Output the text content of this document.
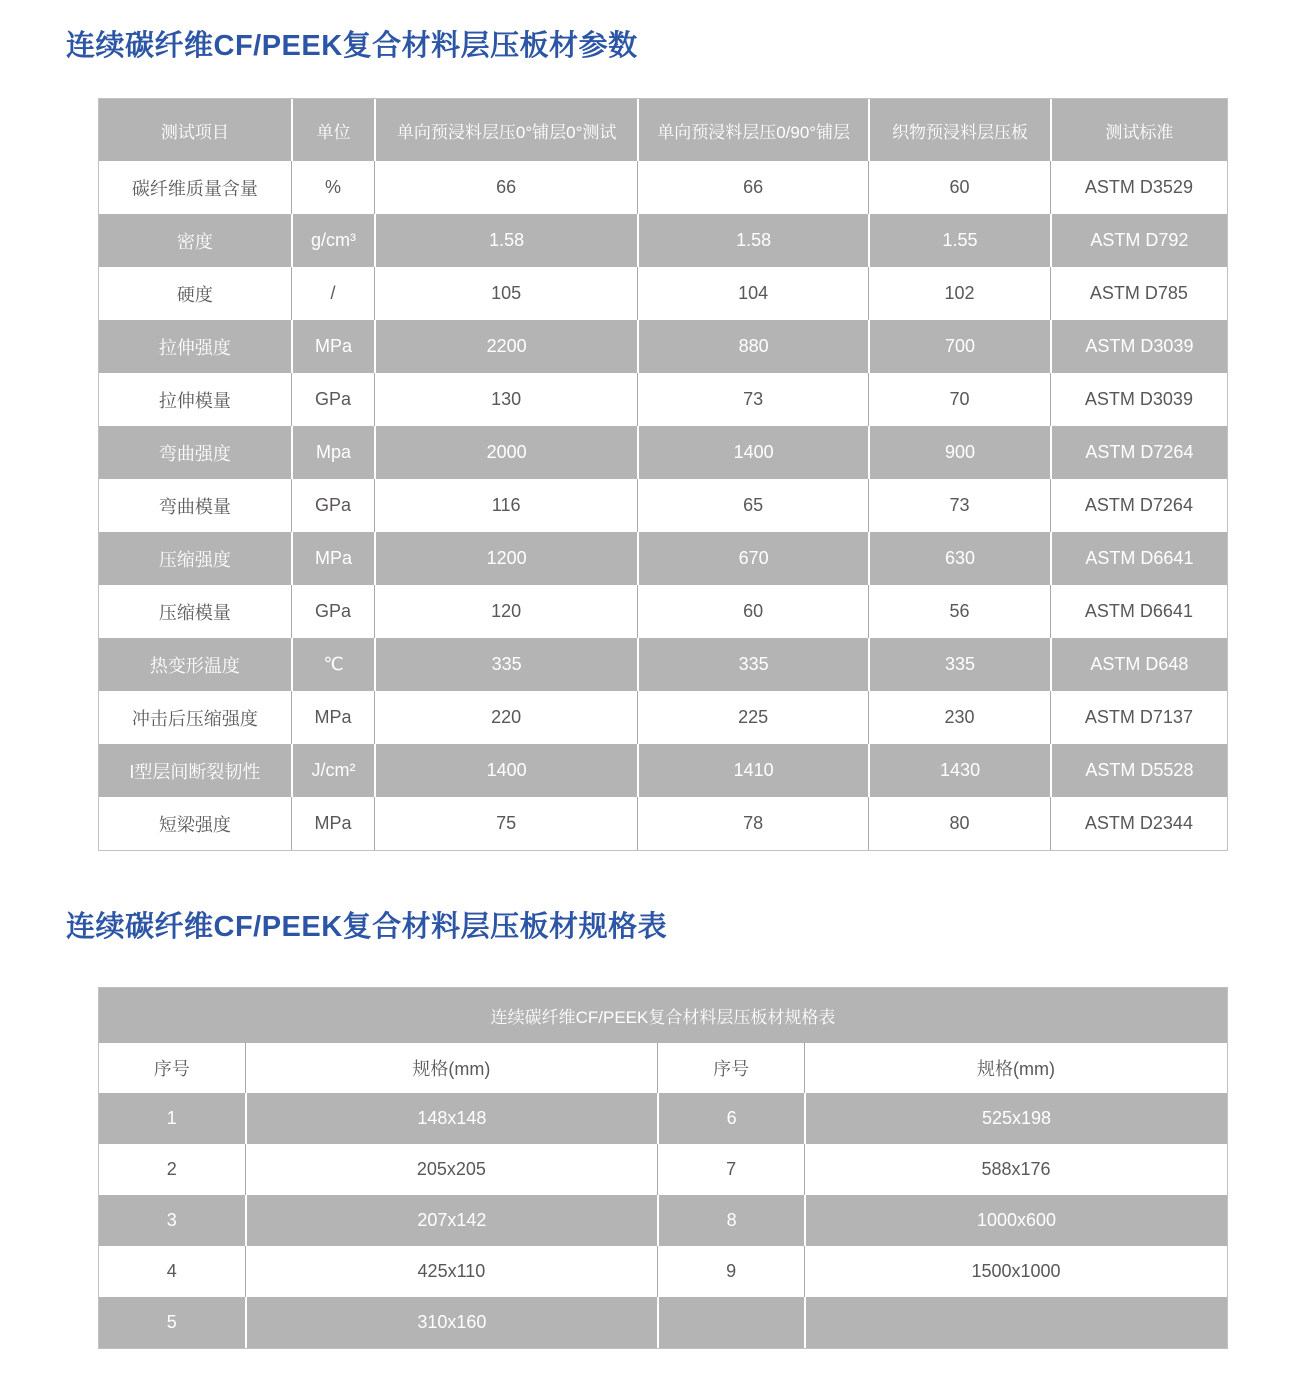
连续碳纤维CF/PEEK复合材料层压板材参数
测试项目	单位	单向预浸料层压0°铺层0°测试	单向预浸料层压0/90°铺层	织物预浸料层压板	测试标准
碳纤维质量含量	%	66	66	60	ASTM D3529
密度	g/cm³	1.58	1.58	1.55	ASTM D792
硬度	/	105	104	102	ASTM D785
拉伸强度	MPa	2200	880	700	ASTM D3039
拉伸模量	GPa	130	73	70	ASTM D3039
弯曲强度	Mpa	2000	1400	900	ASTM D7264
弯曲模量	GPa	116	65	73	ASTM D7264
压缩强度	MPa	1200	670	630	ASTM D6641
压缩模量	GPa	120	60	56	ASTM D6641
热变形温度	℃	335	335	335	ASTM D648
冲击后压缩强度	MPa	220	225	230	ASTM D7137
I型层间断裂韧性	J/cm²	1400	1410	1430	ASTM D5528
短梁强度	MPa	75	78	80	ASTM D2344
连续碳纤维CF/PEEK复合材料层压板材规格表
连续碳纤维CF/PEEK复合材料层压板材规格表			
序号	规格(mm)	序号	规格(mm)
1	148x148	6	525x198
2	205x205	7	588x176
3	207x142	8	1000x600
4	425x110	9	1500x1000
5	310x160		
